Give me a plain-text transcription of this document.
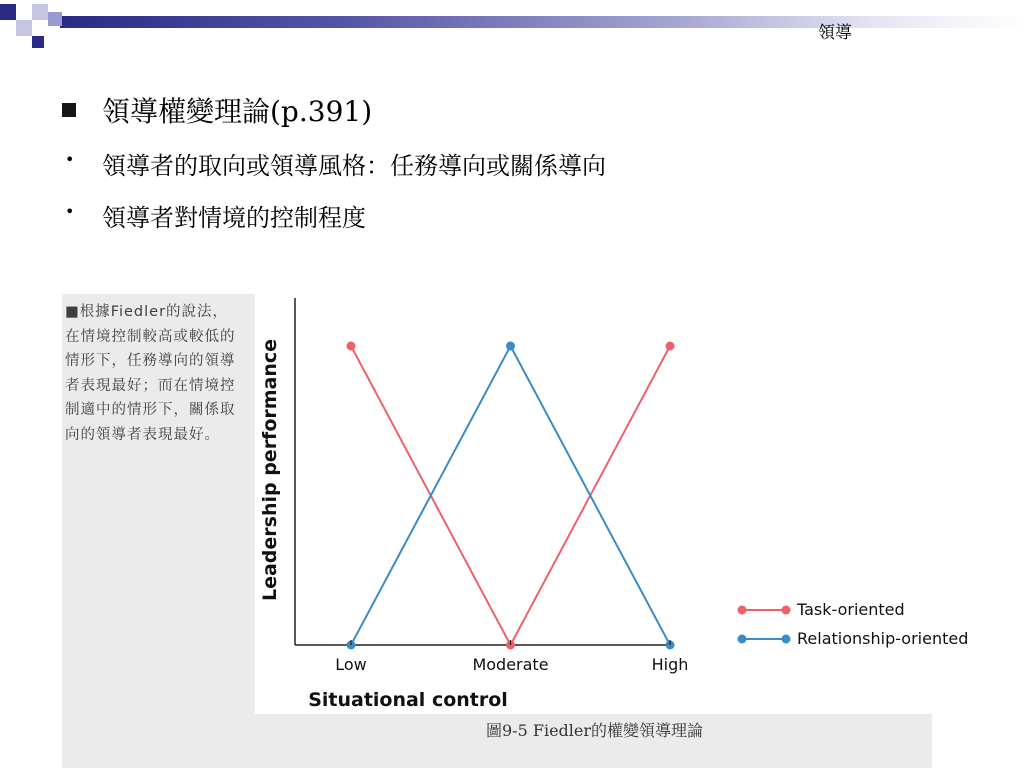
領導
領導權變理論(p.391)
• 領導者的取向或領導風格：任務導向或關係導向
• 領導者對情境的控制程度
■根據Fiedler的說法，在情境控制較高或較低的情形下，任務導向的領導者表現最好；而在情境控制適中的情形下，關係取向的領導者表現最好。
Low	Moderate	High
Task-oriented
Relationship-oriented
Situational control
Leadership performance
圖9-5 Fiedler的權變領導理論
